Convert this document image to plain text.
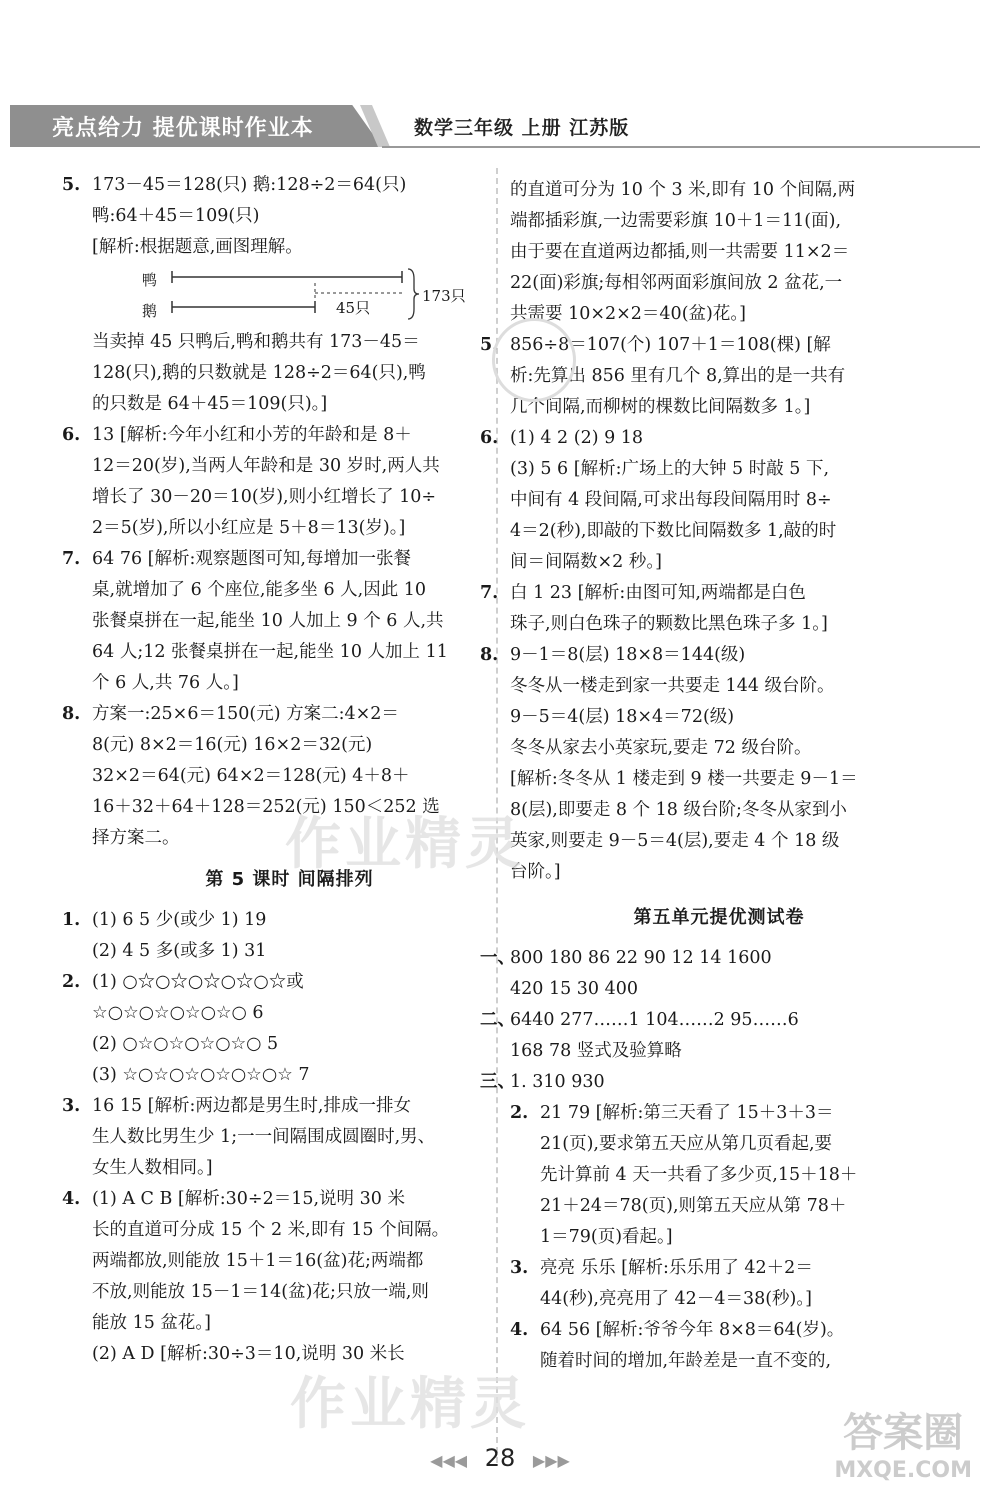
亮点给力 提优课时作业本	数学三年级 上册 江苏版
5. 173－45＝128(只) 鹅:128÷2＝64(只)
鸭:64＋45＝109(只)
[解析:根据题意,画图理解。
鸭
鹅	45只
173只
当卖掉 45 只鸭后,鸭和鹅共有 173－45＝
128(只),鹅的只数就是 128÷2＝64(只),鸭
的只数是 64＋45＝109(只)。]
6. 13 [解析:今年小红和小芳的年龄和是 8＋
12＝20(岁),当两人年龄和是 30 岁时,两人共
增长了 30－20＝10(岁),则小红增长了 10÷
2＝5(岁),所以小红应是 5＋8＝13(岁)。]
7. 64 76 [解析:观察题图可知,每增加一张餐
桌,就增加了 6 个座位,能多坐 6 人,因此 10
张餐桌拼在一起,能坐 10 人加上 9 个 6 人,共
64 人;12 张餐桌拼在一起,能坐 10 人加上 11
个 6 人,共 76 人。]
8. 方案一:25×6＝150(元) 方案二:4×2＝
8(元) 8×2＝16(元) 16×2＝32(元)
32×2＝64(元) 64×2＝128(元) 4＋8＋
16＋32＋64＋128＝252(元) 150＜252 选
择方案二。
第 5 课时 间隔排列
1. (1) 6 5 少(或少 1) 19
(2) 4 5 多(或多 1) 31
2. (1) ○☆○☆○☆○☆○☆或
☆○☆○☆○☆○☆○ 6
(2) ○☆○☆○☆○☆○ 5
(3) ☆○☆○☆○☆○☆○☆ 7
3. 16 15 [解析:两边都是男生时,排成一排女
生人数比男生少 1;一一间隔围成圆圈时,男、
女生人数相同。]
4. (1) A C B [解析:30÷2＝15,说明 30 米
长的直道可分成 15 个 2 米,即有 15 个间隔。
两端都放,则能放 15＋1＝16(盆)花;两端都
不放,则能放 15－1＝14(盆)花;只放一端,则
能放 15 盆花。]
(2) A D [解析:30÷3＝10,说明 30 米长
的直道可分为 10 个 3 米,即有 10 个间隔,两
端都插彩旗,一边需要彩旗 10＋1＝11(面),
由于要在直道两边都插,则一共需要 11×2＝
22(面)彩旗;每相邻两面彩旗间放 2 盆花,一
共需要 10×2×2＝40(盆)花。]
5. 856÷8＝107(个) 107＋1＝108(棵) [解
析:先算出 856 里有几个 8,算出的是一共有
几个间隔,而柳树的棵数比间隔数多 1。]
6. (1) 4 2 (2) 9 18
(3) 5 6 [解析:广场上的大钟 5 时敲 5 下,
中间有 4 段间隔,可求出每段间隔用时 8÷
4＝2(秒),即敲的下数比间隔数多 1,敲的时
间＝间隔数×2 秒。]
7. 白 1 23 [解析:由图可知,两端都是白色
珠子,则白色珠子的颗数比黑色珠子多 1。]
8. 9－1＝8(层) 18×8＝144(级)
冬冬从一楼走到家一共要走 144 级台阶。
9－5＝4(层) 18×4＝72(级)
冬冬从家去小英家玩,要走 72 级台阶。
[解析:冬冬从 1 楼走到 9 楼一共要走 9－1＝
8(层),即要走 8 个 18 级台阶;冬冬从家到小
英家,则要走 9－5＝4(层),要走 4 个 18 级
台阶。]
第五单元提优测试卷
一、
800 180 86 22 90 12 14 1600
420 15 30 400
二、
6440 277……1 104……2 95……6
168 78 竖式及验算略
三、
1. 310 930
2. 21 79 [解析:第三天看了 15＋3＋3＝
21(页),要求第五天应从第几页看起,要
先计算前 4 天一共看了多少页,15＋18＋
21＋24＝78(页),则第五天应从第 78＋
1＝79(页)看起。]
3. 亮亮 乐乐 [解析:乐乐用了 42＋2＝
44(秒),亮亮用了 42－4＝38(秒)。]
4. 64 56 [解析:爷爷今年 8×8＝64(岁)。
随着时间的增加,年龄差是一直不变的,
作业精灵
作业精灵	答案圈
MXQE.COM
◀◀◀ 28 ▶▶▶
